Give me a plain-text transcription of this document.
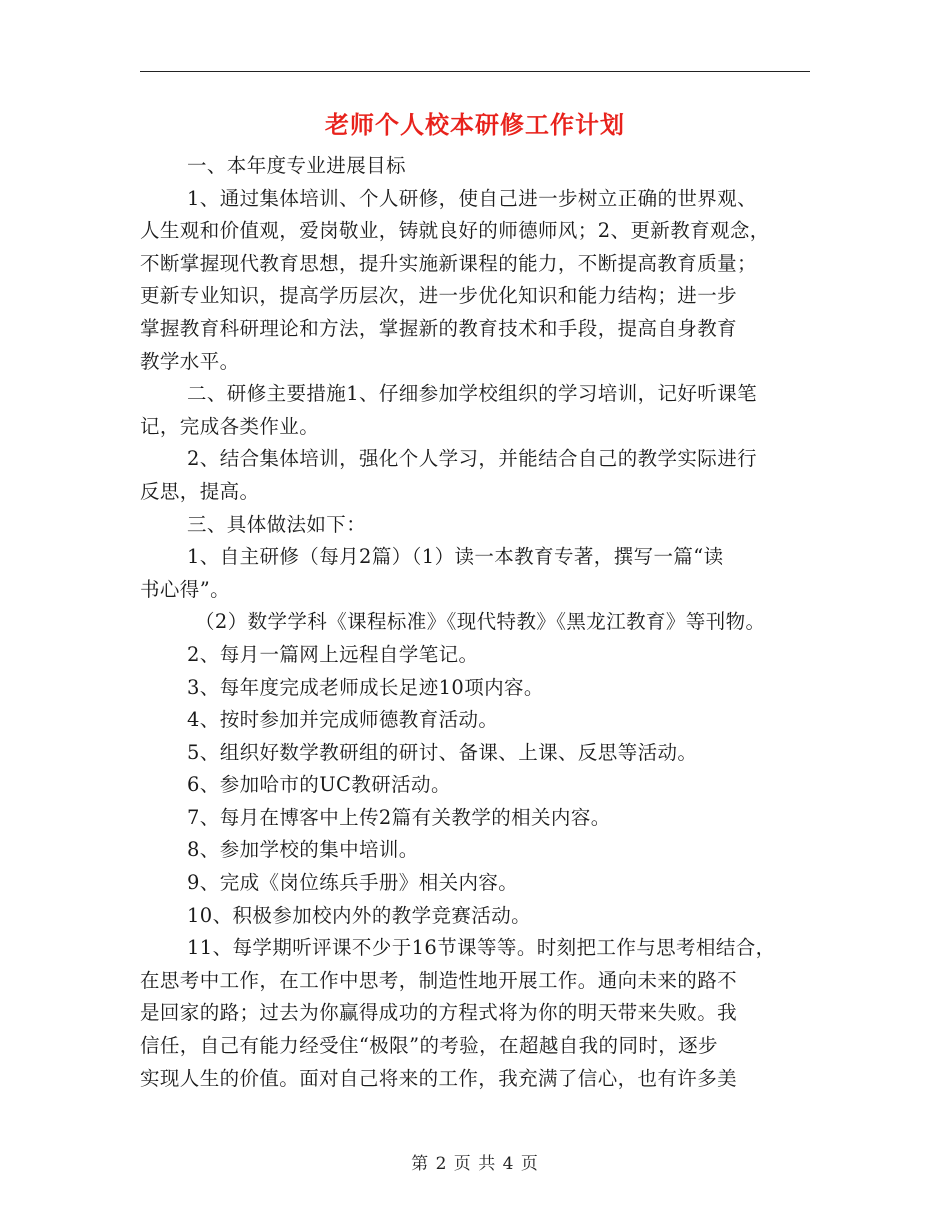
老师个人校本研修工作计划
一、本年度专业进展目标
1、通过集体培训、个人研修，使自己进一步树立正确的世界观、
人生观和价值观，爱岗敬业，铸就良好的师德师风；2、更新教育观念，
不断掌握现代教育思想，提升实施新课程的能力，不断提高教育质量；
更新专业知识，提高学历层次，进一步优化知识和能力结构；进一步
掌握教育科研理论和方法，掌握新的教育技术和手段，提高自身教育
教学水平。
二、研修主要措施1、仔细参加学校组织的学习培训，记好听课笔
记，完成各类作业。
2、结合集体培训，强化个人学习，并能结合自己的教学实际进行
反思，提高。
三、具体做法如下：
1、自主研修（每月2篇）（1）读一本教育专著，撰写一篇“读
书心得”。
（2）数学学科《课程标准》《现代特教》《黑龙江教育》等刊物。
2、每月一篇网上远程自学笔记。
3、每年度完成老师成长足迹10项内容。
4、按时参加并完成师德教育活动。
5、组织好数学教研组的研讨、备课、上课、反思等活动。
6、参加哈市的UC教研活动。
7、每月在博客中上传2篇有关教学的相关内容。
8、参加学校的集中培训。
9、完成《岗位练兵手册》相关内容。
10、积极参加校内外的教学竞赛活动。
11、每学期听评课不少于16节课等等。时刻把工作与思考相结合，
在思考中工作，在工作中思考，制造性地开展工作。通向未来的路不
是回家的路；过去为你赢得成功的方程式将为你的明天带来失败。我
信任，自己有能力经受住“极限”的考验，在超越自我的同时，逐步
实现人生的价值。面对自己将来的工作，我充满了信心，也有许多美
第 2 页 共 4 页
